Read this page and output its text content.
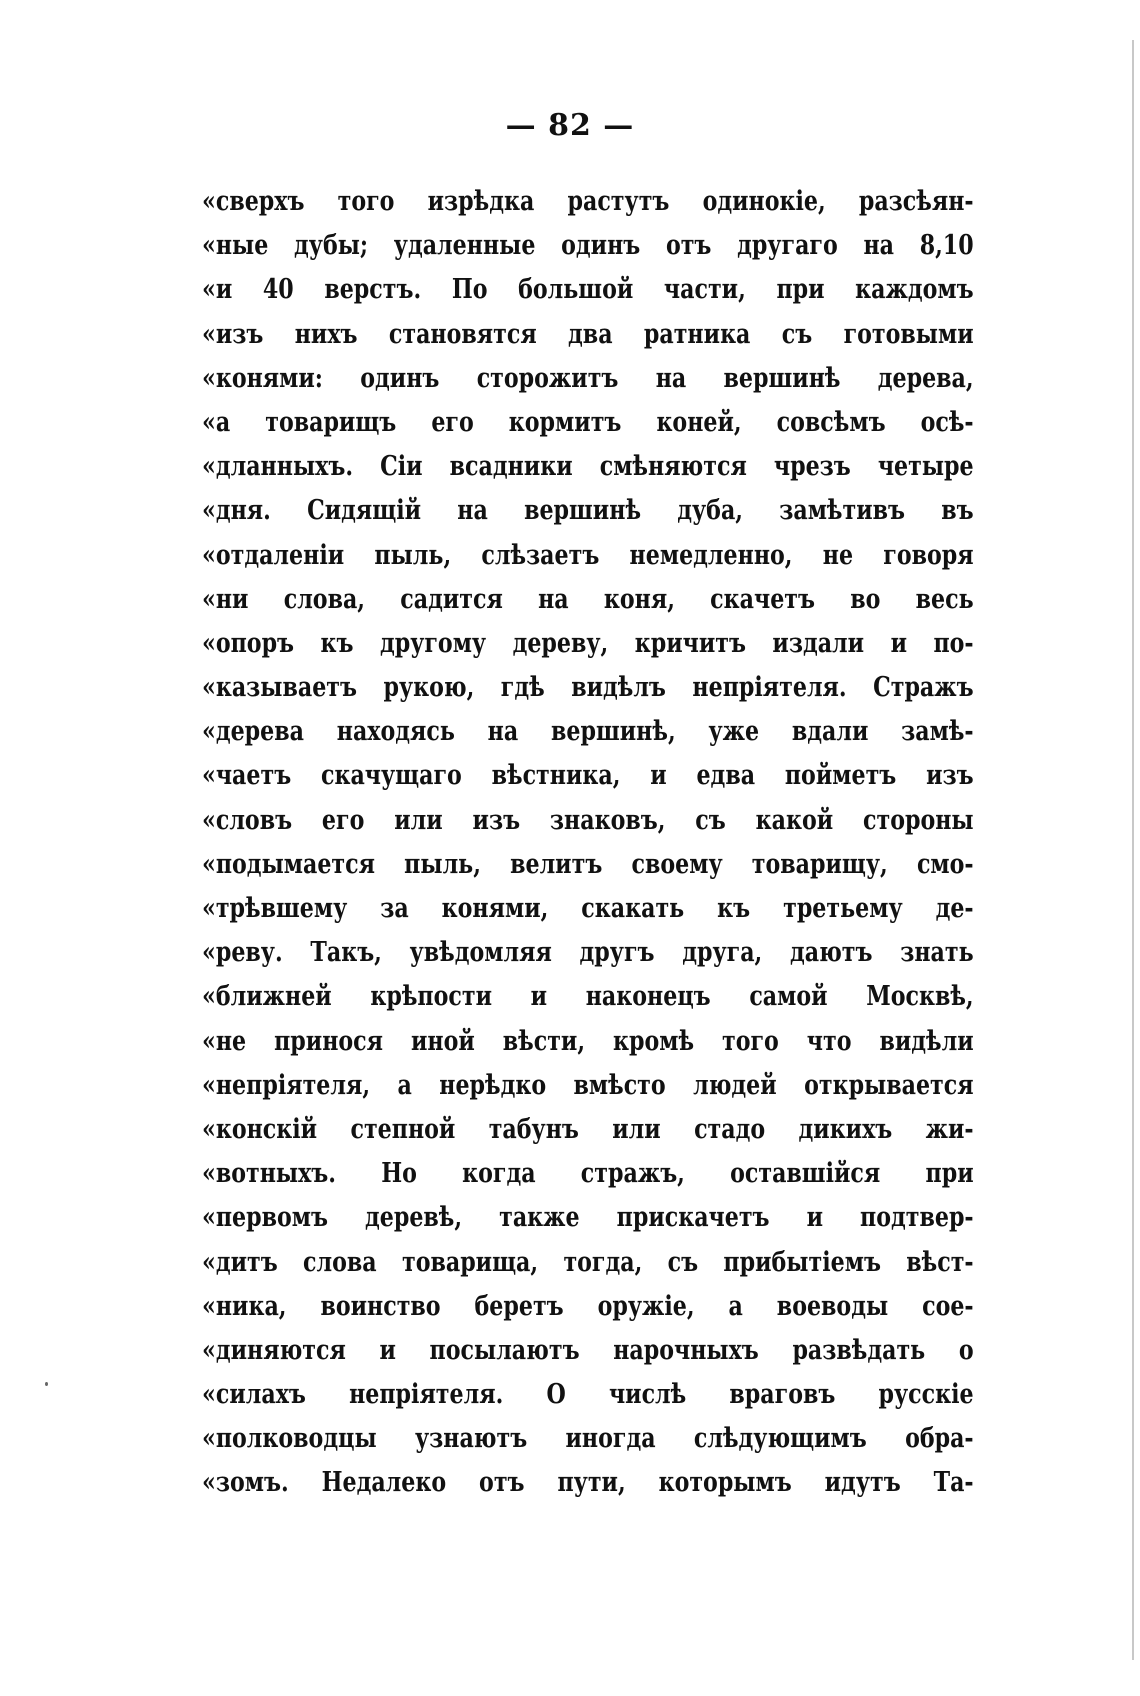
— 82 —
«сверхъ того изрѣдка растутъ одинокіе, разсѣян-
«ные дубы; удаленные одинъ отъ другаго на 8,10
«и 40 верстъ. По большой части, при каждомъ
«изъ нихъ становятся два ратника съ готовыми
«конями: одинъ сторожитъ на вершинѣ дерева,
«а товарищъ его кормитъ коней, совсѣмъ осѣ-
«дланныхъ. Сіи всадники смѣняются чрезъ четыре
«дня. Сидящій на вершинѣ дуба, замѣтивъ въ
«отдаленіи пыль, слѣзаетъ немедленно, не говоря
«ни слова, садится на коня, скачетъ во весь
«опоръ къ другому дереву, кричитъ издали и по-
«казываетъ рукою, гдѣ видѣлъ непріятеля. Стражъ
«дерева находясь на вершинѣ, уже вдали замѣ-
«чаетъ скачущаго вѣстника, и едва пойметъ изъ
«словъ его или изъ знаковъ, съ какой стороны
«подымается пыль, велитъ своему товарищу, смо-
«трѣвшему за конями, скакать къ третьему де-
«реву. Такъ, увѣдомляя другъ друга, даютъ знать
«ближней крѣпости и наконецъ самой Москвѣ,
«не принося иной вѣсти, кромѣ того что видѣли
«непріятеля, а нерѣдко вмѣсто людей открывается
«конскій степной табунъ или стадо дикихъ жи-
«вотныхъ. Но когда стражъ, оставшійся при
«первомъ деревѣ, также прискачетъ и подтвер-
«дитъ слова товарища, тогда, съ прибытіемъ вѣст-
«ника, воинство беретъ оружіе, а воеводы сое-
«диняются и посылаютъ нарочныхъ развѣдать о
«силахъ непріятеля. О числѣ враговъ русскіе
«полководцы узнаютъ иногда слѣдующимъ обра-
«зомъ. Недалеко отъ пути, которымъ идутъ Та-
